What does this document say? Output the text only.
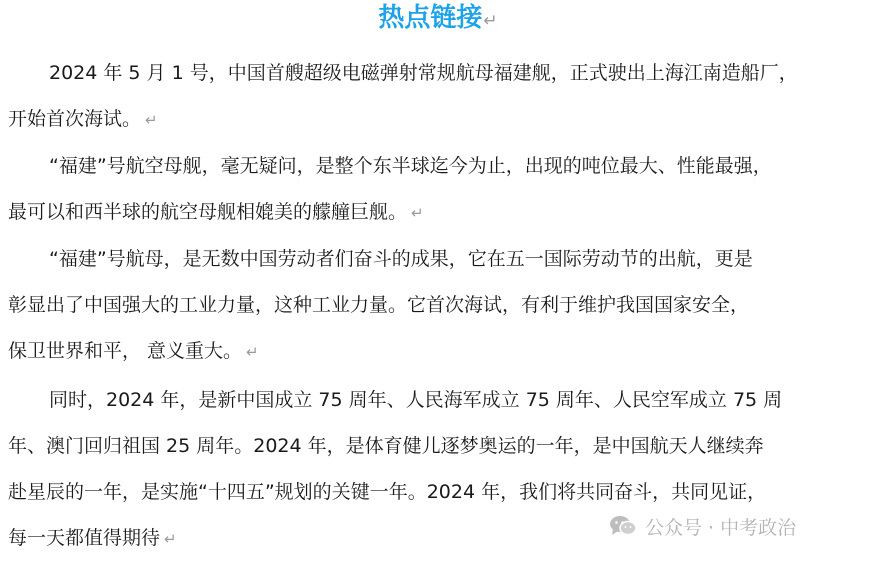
热点链接↵
2024 年 5 月 1 号，中国首艘超级电磁弹射常规航母福建舰，正式驶出上海江南造船厂，
开始首次海试。 ↵
“福建”号航空母舰，毫无疑问，是整个东半球迄今为止，出现的吨位最大、性能最强，
最可以和西半球的航空母舰相媲美的艨艟巨舰。 ↵
“福建”号航母，是无数中国劳动者们奋斗的成果，它在五一国际劳动节的出航，更是
彰显出了中国强大的工业力量，这种工业力量。它首次海试，有利于维护我国国家安全，
保卫世界和平， 意义重大。 ↵
同时，2024 年，是新中国成立 75 周年、人民海军成立 75 周年、人民空军成立 75 周
年、澳门回归祖国 25 周年。2024 年，是体育健儿逐梦奥运的一年，是中国航天人继续奔
赴星辰的一年，是实施“十四五”规划的关键一年。2024 年，我们将共同奋斗，共同见证，
每一天都值得期待 ↵
公众号 · 中考政治
